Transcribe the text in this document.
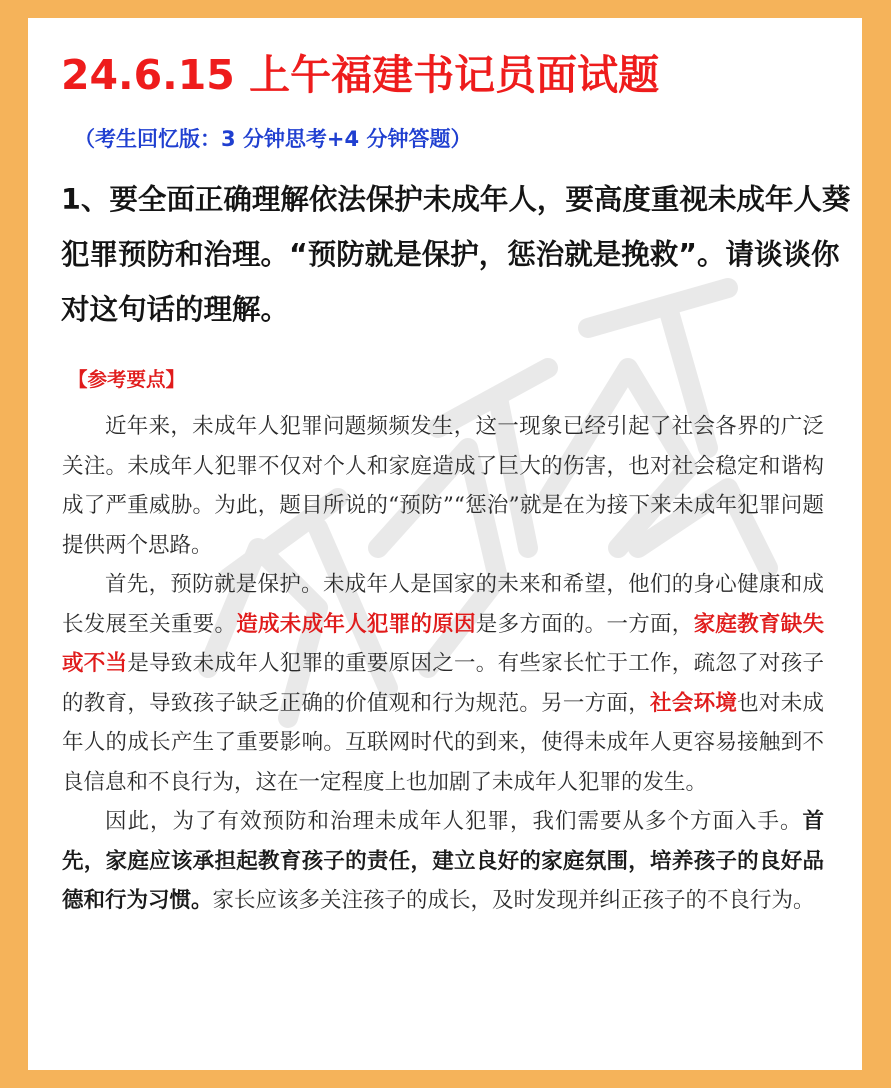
24.6.15 上午福建书记员面试题

（考生回忆版：3 分钟思考+4 分钟答题）

1、要全面正确理解依法保护未成年人，要高度重视未成年人葵犯罪预防和治理。“预防就是保护，惩治就是挽救”。请谈谈你对这句话的理解。

【参考要点】

近年来，未成年人犯罪问题频频发生，这一现象已经引起了社会各界的广泛关注。未成年人犯罪不仅对个人和家庭造成了巨大的伤害，也对社会稳定和谐构成了严重威胁。为此，题目所说的“预防”“惩治”就是在为接下来未成年犯罪问题提供两个思路。

首先，预防就是保护。未成年人是国家的未来和希望，他们的身心健康和成长发展至关重要。造成未成年人犯罪的原因是多方面的。一方面，家庭教育缺失或不当是导致未成年人犯罪的重要原因之一。有些家长忙于工作，疏忽了对孩子的教育，导致孩子缺乏正确的价值观和行为规范。另一方面，社会环境也对未成年人的成长产生了重要影响。互联网时代的到来，使得未成年人更容易接触到不良信息和不良行为，这在一定程度上也加剧了未成年人犯罪的发生。

因此，为了有效预防和治理未成年人犯罪，我们需要从多个方面入手。首先，家庭应该承担起教育孩子的责任，建立良好的家庭氛围，培养孩子的良好品德和行为习惯。家长应该多关注孩子的成长，及时发现并纠正孩子的不良行为。
